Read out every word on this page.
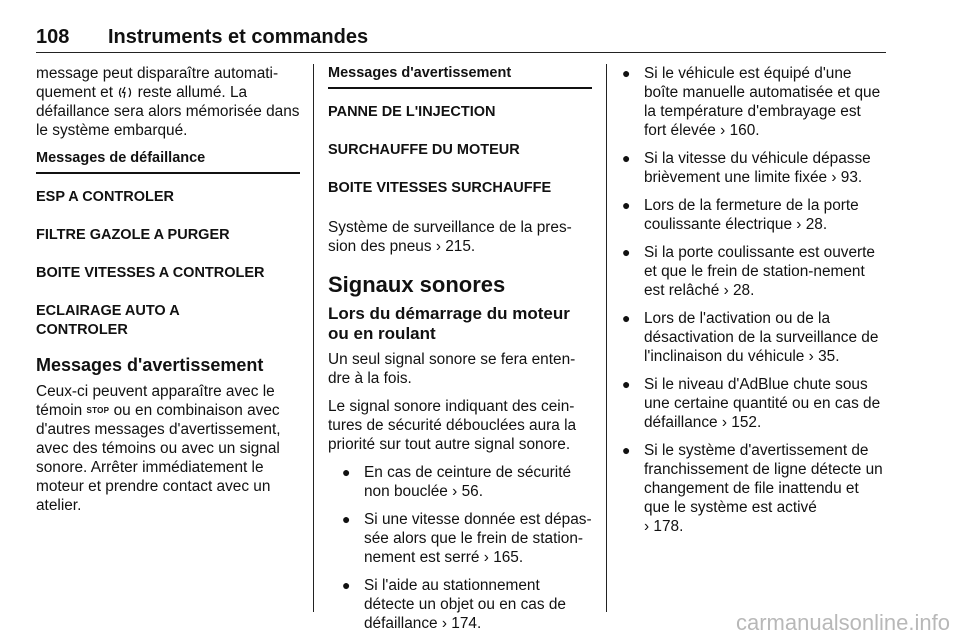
108 Instruments et commandes

message peut disparaître automati-quement et reste allumé. La défaillance sera alors mémorisée dans le système embarqué.

Messages de défaillance

ESP A CONTROLER

FILTRE GAZOLE A PURGER

BOITE VITESSES A CONTROLER

ECLAIRAGE AUTO A CONTROLER

Messages d'avertissement

Ceux-ci peuvent apparaître avec le témoin STOP ou en combinaison avec d'autres messages d'avertissement, avec des témoins ou avec un signal sonore. Arrêter immédiatement le moteur et prendre contact avec un atelier.

Messages d'avertissement

PANNE DE L'INJECTION

SURCHAUFFE DU MOTEUR

BOITE VITESSES SURCHAUFFE

Système de surveillance de la pres-sion des pneus › 215.

Signaux sonores

Lors du démarrage du moteur ou en roulant

Un seul signal sonore se fera enten-dre à la fois.

Le signal sonore indiquant des cein-tures de sécurité débouclées aura la priorité sur tout autre signal sonore.

● En cas de ceinture de sécurité non bouclée › 56.
● Si une vitesse donnée est dépas-sée alors que le frein de station-nement est serré › 165.
● Si l'aide au stationnement détecte un objet ou en cas de défaillance › 174.
● Si le véhicule est équipé d'une boîte manuelle automatisée et que la température d'embrayage est fort élevée › 160.
● Si la vitesse du véhicule dépasse brièvement une limite fixée › 93.
● Lors de la fermeture de la porte coulissante électrique › 28.
● Si la porte coulissante est ouverte et que le frein de station-nement est relâché › 28.
● Lors de l'activation ou de la désactivation de la surveillance de l'inclinaison du véhicule › 35.
● Si le niveau d'AdBlue chute sous une certaine quantité ou en cas de défaillance › 152.
● Si le système d'avertissement de franchissement de ligne détecte un changement de file inattendu et que le système est activé
› 178.
carmanualsonline.info
